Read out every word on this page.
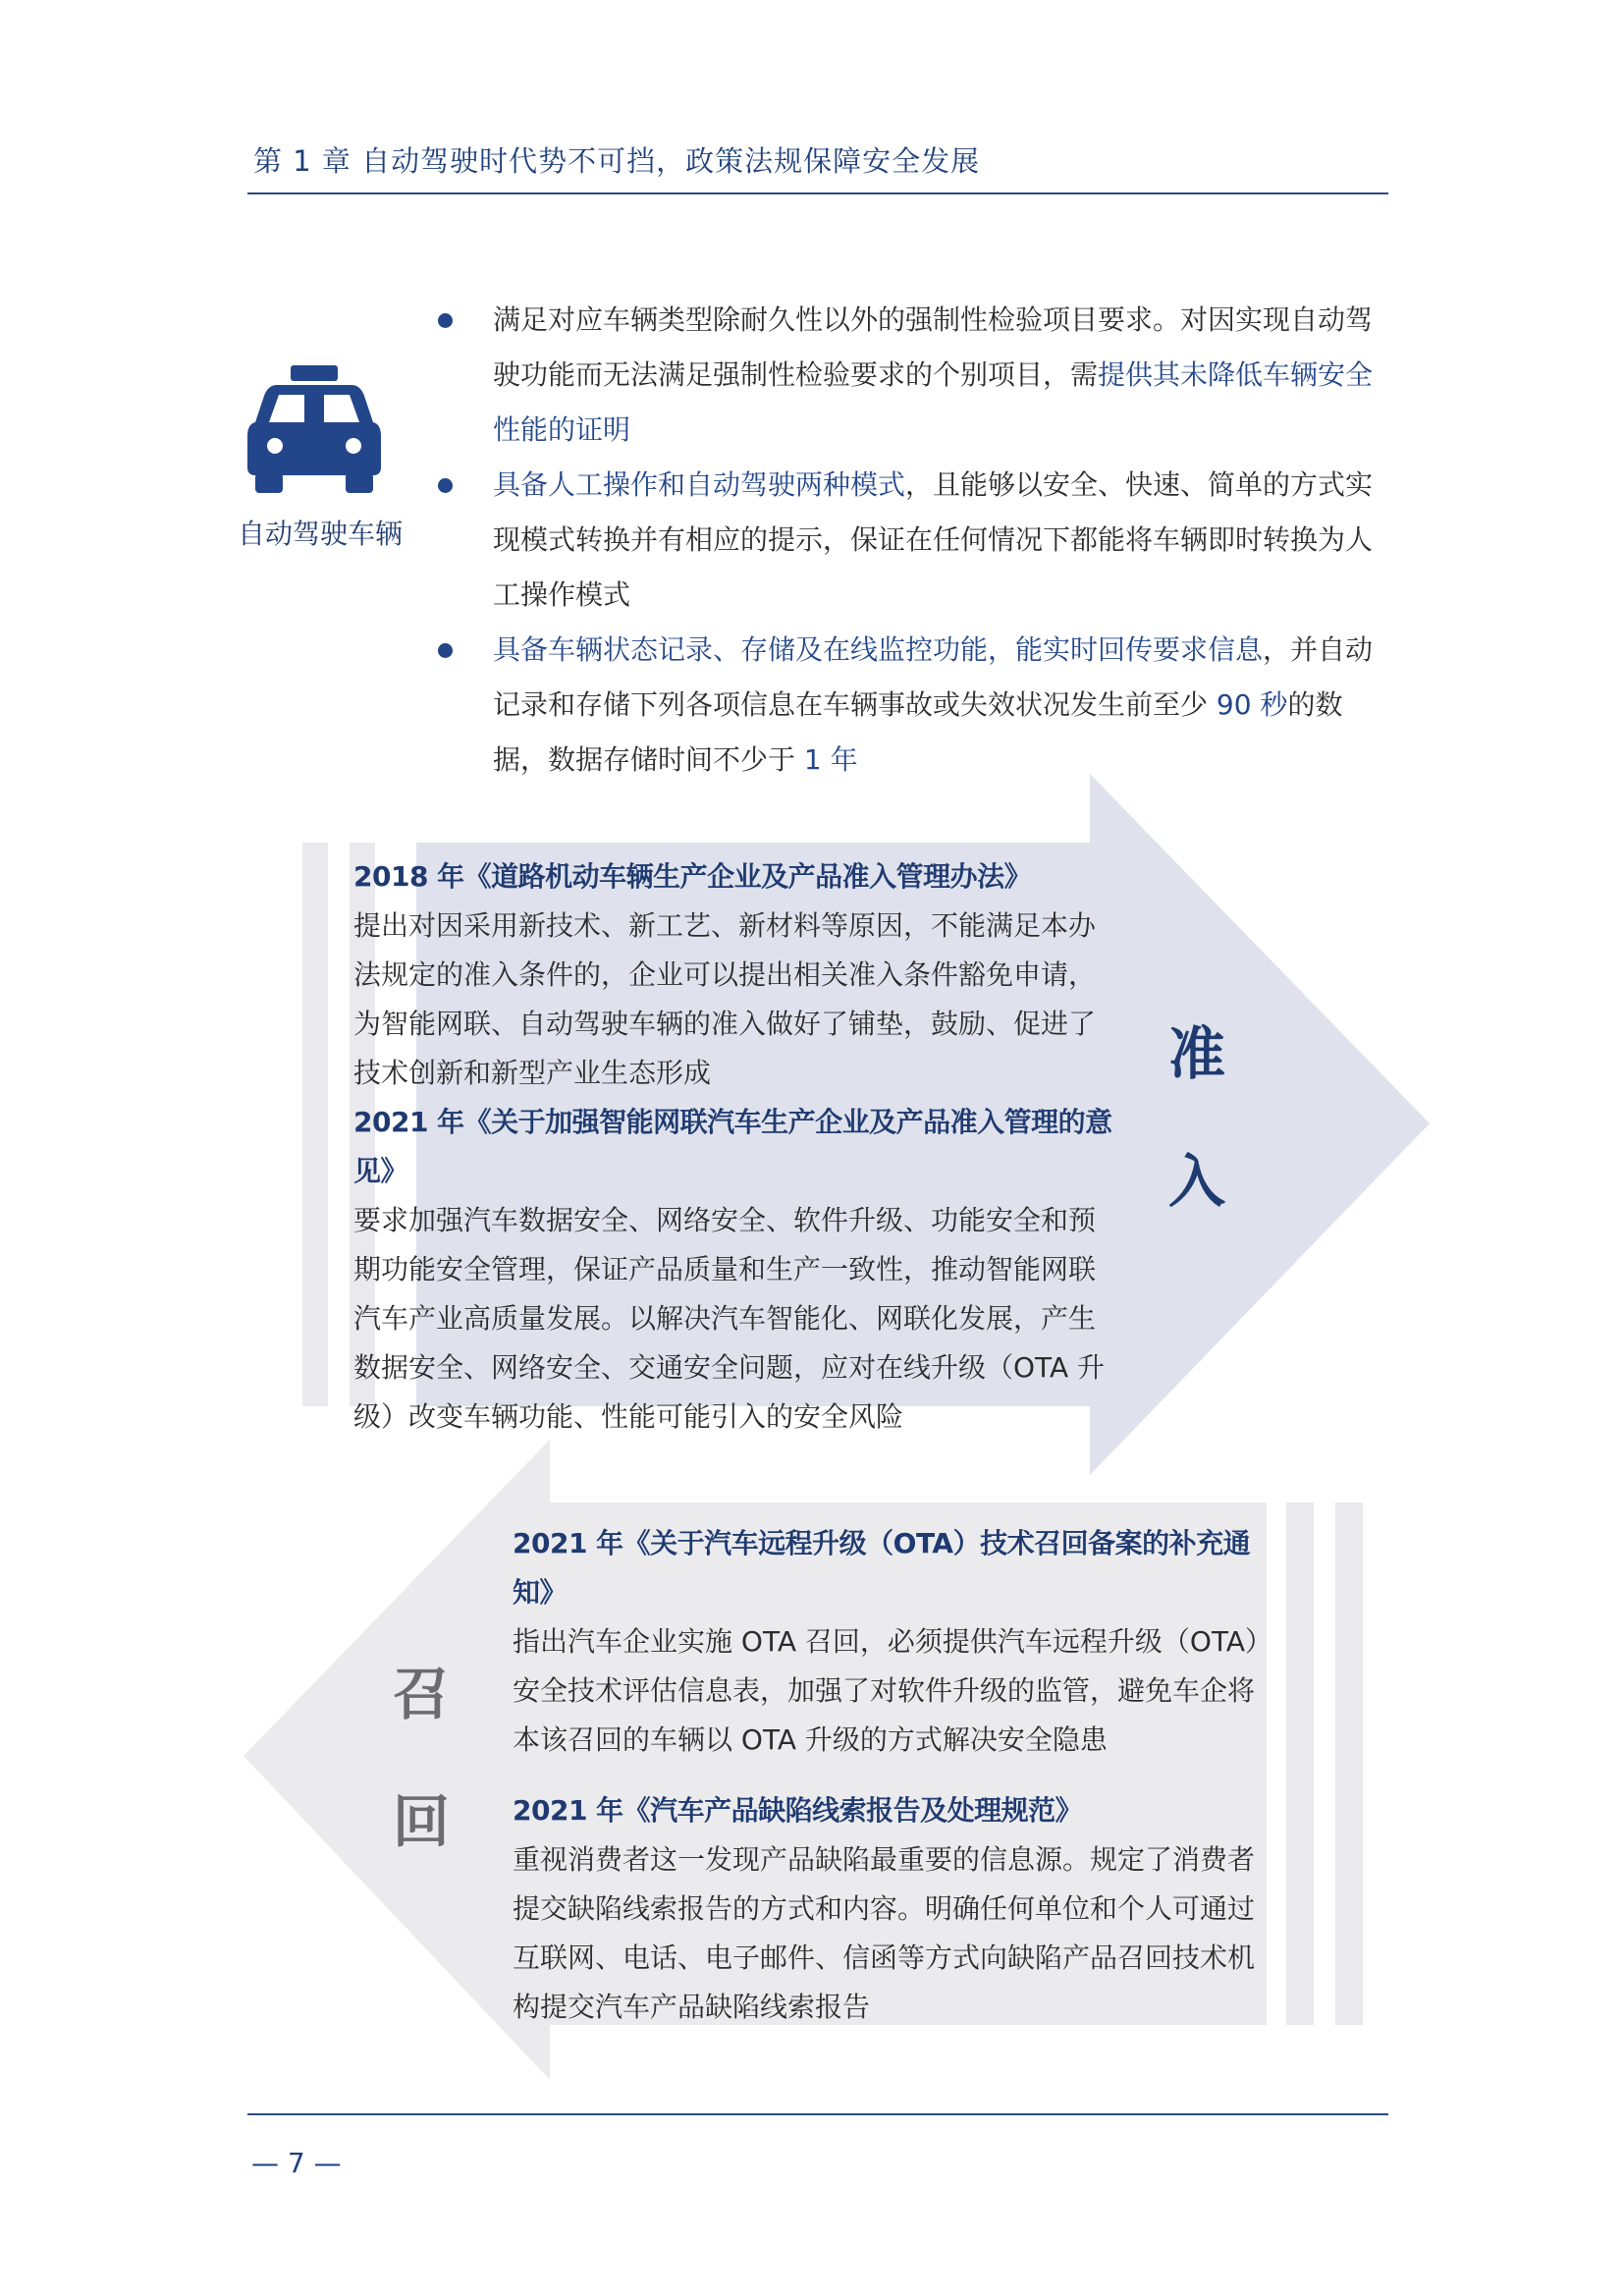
第 1 章 自动驾驶时代势不可挡，政策法规保障安全发展
自动驾驶车辆
满足对应车辆类型除耐久性以外的强制性检验项目要求。对因实现自动驾驶功能而无法满足强制性检验要求的个别项目，需提供其未降低车辆安全性能的证明
具备人工操作和自动驾驶两种模式，且能够以安全、快速、简单的方式实现模式转换并有相应的提示，保证在任何情况下都能将车辆即时转换为人工操作模式
具备车辆状态记录、存储及在线监控功能，能实时回传要求信息，并自动记录和存储下列各项信息在车辆事故或失效状况发生前至少 90 秒的数据，数据存储时间不少于 1 年
2018 年《道路机动车辆生产企业及产品准入管理办法》
提出对因采用新技术、新工艺、新材料等原因，不能满足本办法规定的准入条件的，企业可以提出相关准入条件豁免申请，为智能网联、自动驾驶车辆的准入做好了铺垫，鼓励、促进了技术创新和新型产业生态形成
2021 年《关于加强智能网联汽车生产企业及产品准入管理的意见》
要求加强汽车数据安全、网络安全、软件升级、功能安全和预期功能安全管理，保证产品质量和生产一致性，推动智能网联汽车产业高质量发展。以解决汽车智能化、网联化发展，产生数据安全、网络安全、交通安全问题，应对在线升级（OTA 升级）改变车辆功能、性能可能引入的安全风险
准
入
召
回
2021 年《关于汽车远程升级（OTA）技术召回备案的补充通知》
指出汽车企业实施 OTA 召回，必须提供汽车远程升级（OTA）安全技术评估信息表，加强了对软件升级的监管，避免车企将本该召回的车辆以 OTA 升级的方式解决安全隐患
2021 年《汽车产品缺陷线索报告及处理规范》
重视消费者这一发现产品缺陷最重要的信息源。规定了消费者提交缺陷线索报告的方式和内容。明确任何单位和个人可通过互联网、电话、电子邮件、信函等方式向缺陷产品召回技术机构提交汽车产品缺陷线索报告
— 7 —
